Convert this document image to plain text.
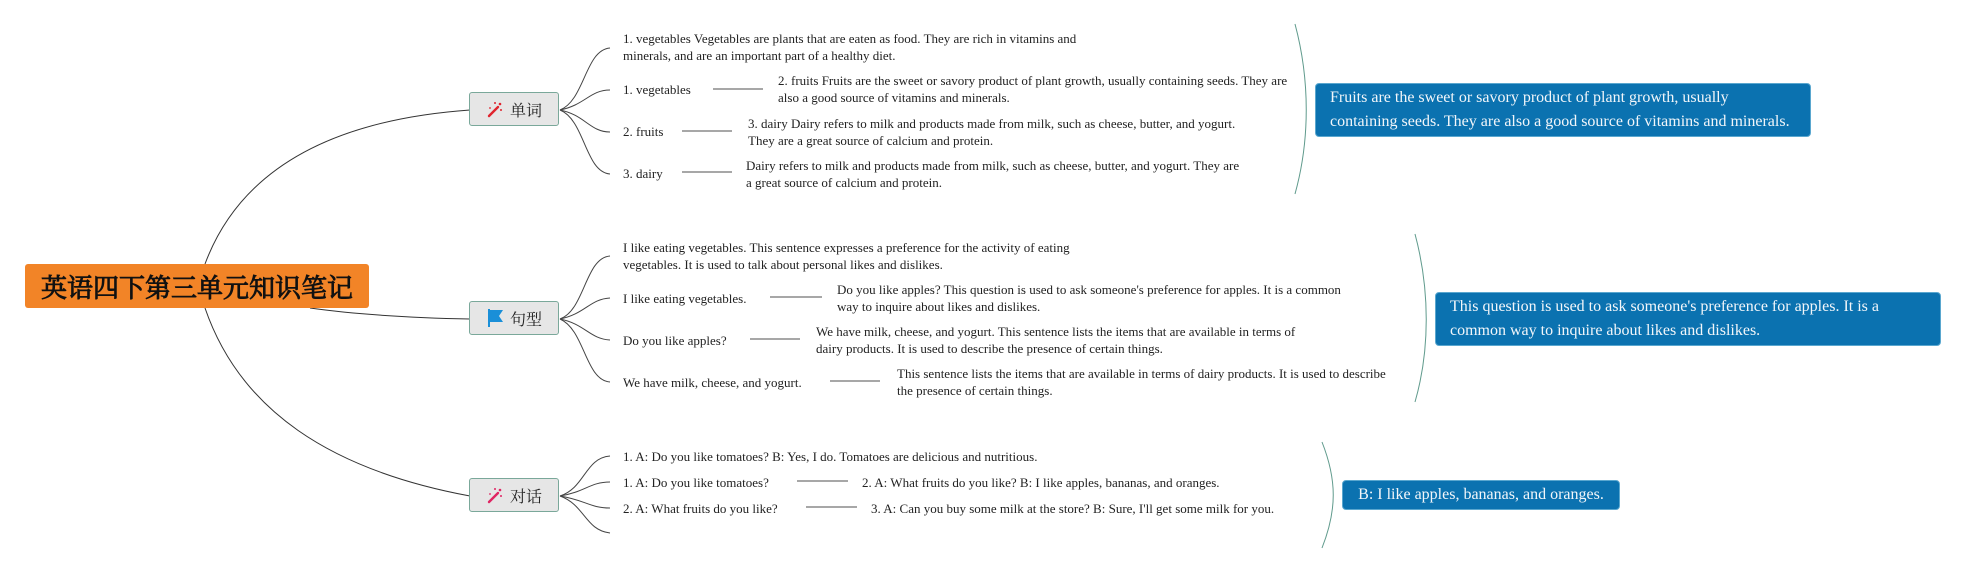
英语四下第三单元知识笔记
单词
1. vegetables Vegetables are plants that are eaten as food. They are rich in vitamins and minerals, and are an important part of a healthy diet.
1. vegetables
2. fruits
3. dairy
2. fruits Fruits are the sweet or savory product of plant growth, usually containing seeds. They are also a good source of vitamins and minerals.
3. dairy Dairy refers to milk and products made from milk, such as cheese, butter, and yogurt. They are a great source of calcium and protein.
Dairy refers to milk and products made from milk, such as cheese, butter, and yogurt. They are a great source of calcium and protein.
Fruits are the sweet or savory product of plant growth, usually containing seeds. They are also a good source of vitamins and minerals.
句型
I like eating vegetables. This sentence expresses a preference for the activity of eating vegetables. It is used to talk about personal likes and dislikes.
I like eating vegetables.
Do you like apples?
We have milk, cheese, and yogurt.
Do you like apples? This question is used to ask someone's preference for apples. It is a common way to inquire about likes and dislikes.
We have milk, cheese, and yogurt. This sentence lists the items that are available in terms of dairy products. It is used to describe the presence of certain things.
This sentence lists the items that are available in terms of dairy products. It is used to describe the presence of certain things.
This question is used to ask someone's preference for apples. It is a common way to inquire about likes and dislikes.
对话
1. A: Do you like tomatoes? B: Yes, I do. Tomatoes are delicious and nutritious.
1. A: Do you like tomatoes?
2. A: What fruits do you like?
2. A: What fruits do you like? B: I like apples, bananas, and oranges.
3. A: Can you buy some milk at the store? B: Sure, I'll get some milk for you.
B: I like apples, bananas, and oranges.
